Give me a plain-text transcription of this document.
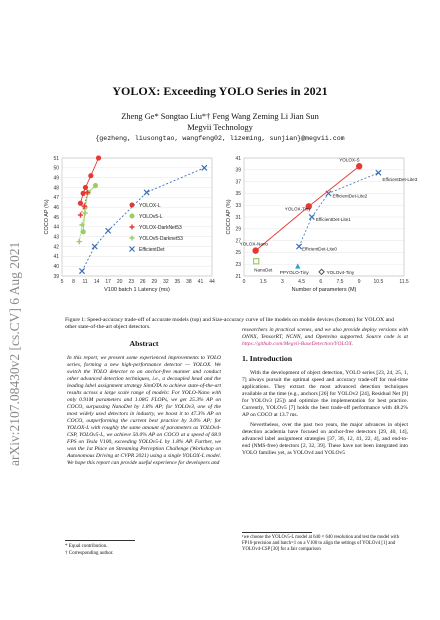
arXiv:2107.08430v2 [cs.CV] 6 Aug 2021
YOLOX: Exceeding YOLO Series in 2021
Zheng Ge* Songtao Liu*† Feng Wang Zeming Li Jian Sun
Megvii Technology
{gezheng, liusongtao, wangfeng02, lizeming, sunjian}@megvii.com
39
40
41
42
43
44
45
46
47
48
49
50
51
5 8 11 14 17 20 23 26 29 32 35 38 41 44
V100 batch 1 Latency (ms)
COCO AP (%)	YOLOX-L
YOLOv5-L
YOLOX-DarkNet53
YOLOv5-Darknet53
EfficientDet
21
23
25
27
29
31
33
35
37
39
41
0	1.5	3	4.5	6	7.5	9	10.5	11.5
Number of parameters (M)
COCO AP (%)
YOLOX-Nano
YOLOX-Tiny
YOLOX-S
NanoDet
PPYOLO-Tiny	YOLOv4-Tiny
EfficientDet-Lite0
EfficientDet-Lite1
EfficientDet-Lite2
EfficientDet-Lite3
Figure 1: Speed-accuracy trade-off of accurate models (top) and Size-accuracy curve of lite models on mobile devices (bottom) for YOLOX and other state-of-the-art object detectors.
Abstract
In this report, we present some experienced improvements to YOLO series, forming a new high-performance detector — YOLOX. We switch the YOLO detector to an anchor-free manner and conduct other advanced detection techniques, i.e., a decoupled head and the leading label assignment strategy SimOTA to achieve state-of-the-art results across a large scale range of models: For YOLO-Nano with only 0.91M parameters and 1.08G FLOPs, we get 25.3% AP on COCO, surpassing NanoDet by 1.8% AP; for YOLOv3, one of the most widely used detectors in industry, we boost it to 47.3% AP on COCO, outperforming the current best practice by 3.0% AP; for YOLOX-L with roughly the same amount of parameters as YOLOv4-CSP, YOLOv5-L, we achieve 50.0% AP on COCO at a speed of 68.9 FPS on Tesla V100, exceeding YOLOv5-L by 1.8% AP. Further, we won the 1st Place on Streaming Perception Challenge (Workshop on Autonomous Driving at CVPR 2021) using a single YOLOX-L model. We hope this report can provide useful experience for developers and
* Equal contribution.
† Corresponding author.
researchers in practical scenes, and we also provide deploy versions with ONNX, TensorRT, NCNN, and Openvino supported. Source code is at https://github.com/Megvii-BaseDetection/YOLOX.
1. Introduction

With the development of object detection, YOLO series [23, 24, 25, 1, 7] always pursuit the optimal speed and accuracy trade-off for real-time applications. They extract the most advanced detection techniques available at the time (e.g., anchors [26] for YOLOv2 [24], Residual Net [9] for YOLOv3 [25]) and optimize the implementation for best practice. Currently, YOLOv5 [7] holds the best trade-off performance with 48.2% AP on COCO at 13.7 ms.

Nevertheless, over the past two years, the major advances in object detection academia have focused on anchor-free detectors [29, 40, 14], advanced label assignment strategies [37, 36, 12, 41, 22, 4], and end-to-end (NMS-free) detectors [2, 32, 39]. These have not been integrated into YOLO families yet, as YOLOv4 and YOLOv5

¹we choose the YOLOv5-L model at 640 × 640 resolution and test the model with FP16-precision and batch=1 on a V100 to align the settings of YOLOv4 [1] and YOLOv4-CSP [30] for a fair comparison
